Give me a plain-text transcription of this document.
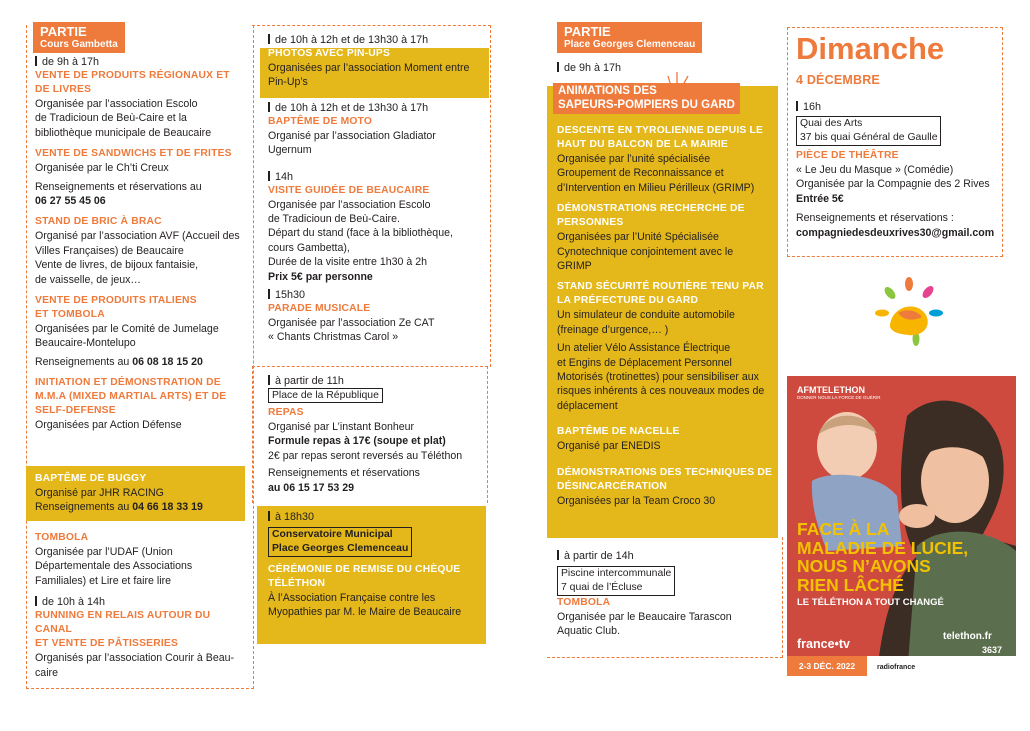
PARTIE
Cours Gambetta
de 9h à 17h
VENTE DE PRODUITS RÉGIONAUX ET
DE LIVRES
Organisée par l’association Escolo
de Tradicioun de Beù-Caire et la
bibliothèque municipale de Beaucaire
VENTE DE SANDWICHS ET DE FRITES
Organisée par le Ch’ti Creux
Renseignements et réservations au
06 27 55 45 06
STAND DE BRIC À BRAC
Organisé par l’association AVF (Accueil des
Villes Françaises) de Beaucaire
Vente de livres, de bijoux fantaisie,
de vaisselle, de jeux…
VENTE DE PRODUITS ITALIENS
ET TOMBOLA
Organisées par le Comité de Jumelage
Beaucaire-Montelupo
Renseignements au 06 08 18 15 20
INITIATION ET DÉMONSTRATION DE
M.M.A (MIXED MARTIAL ARTS) ET DE
SELF-DEFENSE
Organisées par Action Défense
BAPTÊME DE BUGGY
Organisé par JHR RACING
Renseignements au 04 66 18 33 19
TOMBOLA
Organisée par l’UDAF (Union
Départementale des Associations
Familiales) et Lire et faire lire
de 10h à 14h
RUNNING EN RELAIS AUTOUR DU CANAL
ET VENTE DE PÂTISSERIES
Organisés par l’association Courir à Beau-
caire
de 10h à 12h et de 13h30 à 17h
PHOTOS AVEC PIN-UPS
Organisées par l’association Moment entre
Pin-Up’s
de 10h à 12h et de 13h30 à 17h
BAPTÊME DE MOTO
Organisé par l’association Gladiator
Ugernum
14h
VISITE GUIDÉE DE BEAUCAIRE
Organisée par l’association Escolo
de Tradicioun de Beù-Caire.
Départ du stand (face à la bibliothèque,
cours Gambetta),
Durée de la visite entre 1h30 à 2h
Prix 5€ par personne
15h30
PARADE MUSICALE
Organisée par l’association Ze CAT
« Chants Christmas Carol »
à partir de 11h
Place de la République
REPAS
Organisé par L’instant Bonheur
Formule repas à 17€ (soupe et plat)
2€ par repas seront reversés au Téléthon
Renseignements et réservations
au 06 15 17 53 29
à 18h30
Conservatoire Municipal
Place Georges Clemenceau
CÉRÉMONIE DE REMISE DU CHÈQUE
TÉLÉTHON
À l’Association Française contre les
Myopathies par M. le Maire de Beaucaire
PARTIE
Place Georges Clemenceau
de 9h à 17h
ANIMATIONS DES
SAPEURS-POMPIERS DU GARD
DESCENTE EN TYROLIENNE DEPUIS LE
HAUT DU BALCON DE LA MAIRIE
Organisée par l’unité spécialisée
Groupement de Reconnaissance et
d’Intervention en Milieu Périlleux (GRIMP)
DÉMONSTRATIONS RECHERCHE DE
PERSONNES
Organisées par l’Unité Spécialisée
Cynotechnique conjointement avec le
GRIMP
STAND SÉCURITÉ ROUTIÈRE TENU PAR
LA PRÉFECTURE DU GARD
Un simulateur de conduite automobile
(freinage d’urgence,… )
Un atelier Vélo Assistance Électrique
et Engins de Déplacement Personnel
Motorisés (trotinettes) pour sensibiliser aux
risques inhérents à ces nouveaux modes de
déplacement
BAPTÊME DE NACELLE
Organisé par ENEDIS
DÉMONSTRATIONS DES TECHNIQUES DE
DÉSINCARCÉRATION
Organisées par la Team Croco 30
à partir de 14h
Piscine intercommunale
7 quai de l’Écluse
TOMBOLA
Organisée par le Beaucaire Tarascon
Aquatic Club.
Dimanche
4 DÉCEMBRE
16h
Quai des Arts
37 bis quai Général de Gaulle
PIÈCE DE THÉÂTRE
« Le Jeu du Masque » (Comédie)
Organisée par la Compagnie des 2 Rives
Entrée 5€
Renseignements et réservations :
compagniedesdeuxrives30@gmail.com
AFMTELETHON
DONNER NOUS LA FORCE DE GUÉRIR
FACE À LA
MALADIE DE LUCIE,
NOUS N’AVONS
RIEN LÂCHÉ
LE TÉLÉTHON A TOUT CHANGÉ
france•tv
telethon.fr
3637
2-3 DÉC. 2022	radiofrance
